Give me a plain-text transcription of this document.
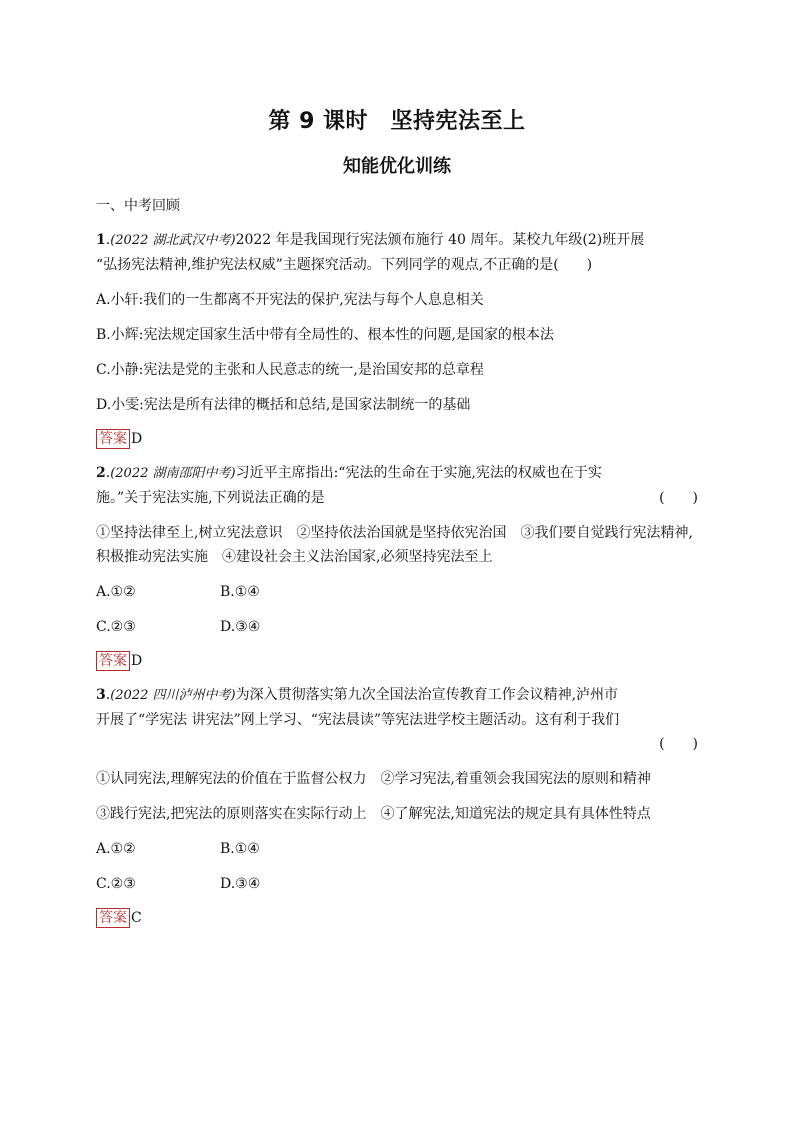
第 9 课时　坚持宪法至上
知能优化训练
一、中考回顾
1.(2022 湖北武汉中考)2022 年是我国现行宪法颁布施行 40 周年。某校九年级(2)班开展
“弘扬宪法精神,维护宪法权威”主题探究活动。下列同学的观点,不正确的是(　　)
A.小轩:我们的一生都离不开宪法的保护,宪法与每个人息息相关
B.小辉:宪法规定国家生活中带有全局性的、根本性的问题,是国家的根本法
C.小静:宪法是党的主张和人民意志的统一,是治国安邦的总章程
D.小雯:宪法是所有法律的概括和总结,是国家法制统一的基础
答案 D
2.(2022 湖南邵阳中考)习近平主席指出:“宪法的生命在于实施,宪法的权威也在于实
施。”关于宪法实施,下列说法正确的是	(　　)
①坚持法律至上,树立宪法意识　②坚持依法治国就是坚持依宪治国　③我们要自觉践行宪法精神,积极推动宪法实施　④建设社会主义法治国家,必须坚持宪法至上
A.①②	B.①④
C.②③	D.③④
答案 D
3.(2022 四川泸州中考)为深入贯彻落实第九次全国法治宣传教育工作会议精神,泸州市
开展了“学宪法 讲宪法”网上学习、“宪法晨读”等宪法进学校主题活动。这有利于我们
(　　)
①认同宪法,理解宪法的价值在于监督公权力　②学习宪法,着重领会我国宪法的原则和精神
③践行宪法,把宪法的原则落实在实际行动上　④了解宪法,知道宪法的规定具有具体性特点
A.①②	B.①④
C.②③	D.③④
答案 C
